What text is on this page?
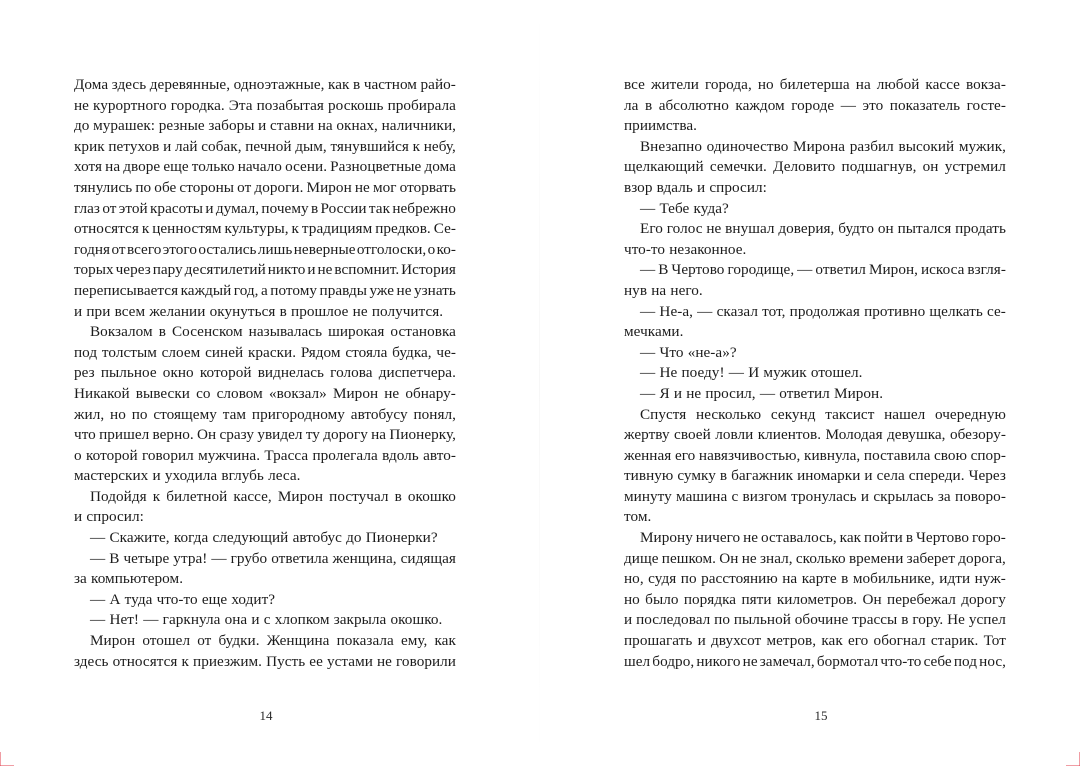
Дома здесь деревянные, одноэтажные, как в частном райо-
не курортного городка. Эта позабытая роскошь пробирала
до мурашек: резные заборы и ставни на окнах, наличники,
крик петухов и лай собак, печной дым, тянувшийся к небу,
хотя на дворе еще только начало осени. Разноцветные дома
тянулись по обе стороны от дороги. Мирон не мог оторвать
глаз от этой красоты и думал, почему в России так небрежно
относятся к ценностям культуры, к традициям предков. Се-
годня от всего этого остались лишь неверные отголоски, о ко-
торых через пару десятилетий никто и не вспомнит. История
переписывается каждый год, а потому правды уже не узнать
и при всем желании окунуться в прошлое не получится.
Вокзалом в Сосенском называлась широкая остановка
под толстым слоем синей краски. Рядом стояла будка, че-
рез пыльное окно которой виднелась голова диспетчера.
Никакой вывески со словом «вокзал» Мирон не обнару-
жил, но по стоящему там пригородному автобусу понял,
что пришел верно. Он сразу увидел ту дорогу на Пионерку,
о которой говорил мужчина. Трасса пролегала вдоль авто-
мастерских и уходила вглубь леса.
Подойдя к билетной кассе, Мирон постучал в окошко
и спросил:
— Скажите, когда следующий автобус до Пионерки?
— В четыре утра! — грубо ответила женщина, сидящая
за компьютером.
— А туда что-то еще ходит?
— Нет! — гаркнула она и с хлопком закрыла окошко.
Мирон отошел от будки. Женщина показала ему, как
здесь относятся к приезжим. Пусть ее устами не говорили
14
все жители города, но билетерша на любой кассе вокза-
ла в абсолютно каждом городе — это показатель госте-
приимства.
Внезапно одиночество Мирона разбил высокий мужик,
щелкающий семечки. Деловито подшагнув, он устремил
взор вдаль и спросил:
— Тебе куда?
Его голос не внушал доверия, будто он пытался продать
что-то незаконное.
— В Чертово городище, — ответил Мирон, искоса взгля-
нув на него.
— Не-а, — сказал тот, продолжая противно щелкать се-
мечками.
— Что «не-а»?
— Не поеду! — И мужик отошел.
— Я и не просил, — ответил Мирон.
Спустя несколько секунд таксист нашел очередную
жертву своей ловли клиентов. Молодая девушка, обезору-
женная его навязчивостью, кивнула, поставила свою спор-
тивную сумку в багажник иномарки и села спереди. Через
минуту машина с визгом тронулась и скрылась за поворо-
том.
Мирону ничего не оставалось, как пойти в Чертово горо-
дище пешком. Он не знал, сколько времени заберет дорога,
но, судя по расстоянию на карте в мобильнике, идти нуж-
но было порядка пяти километров. Он перебежал дорогу
и последовал по пыльной обочине трассы в гору. Не успел
прошагать и двухсот метров, как его обогнал старик. Тот
шел бодро, никого не замечал, бормотал что-то себе под нос,
15
